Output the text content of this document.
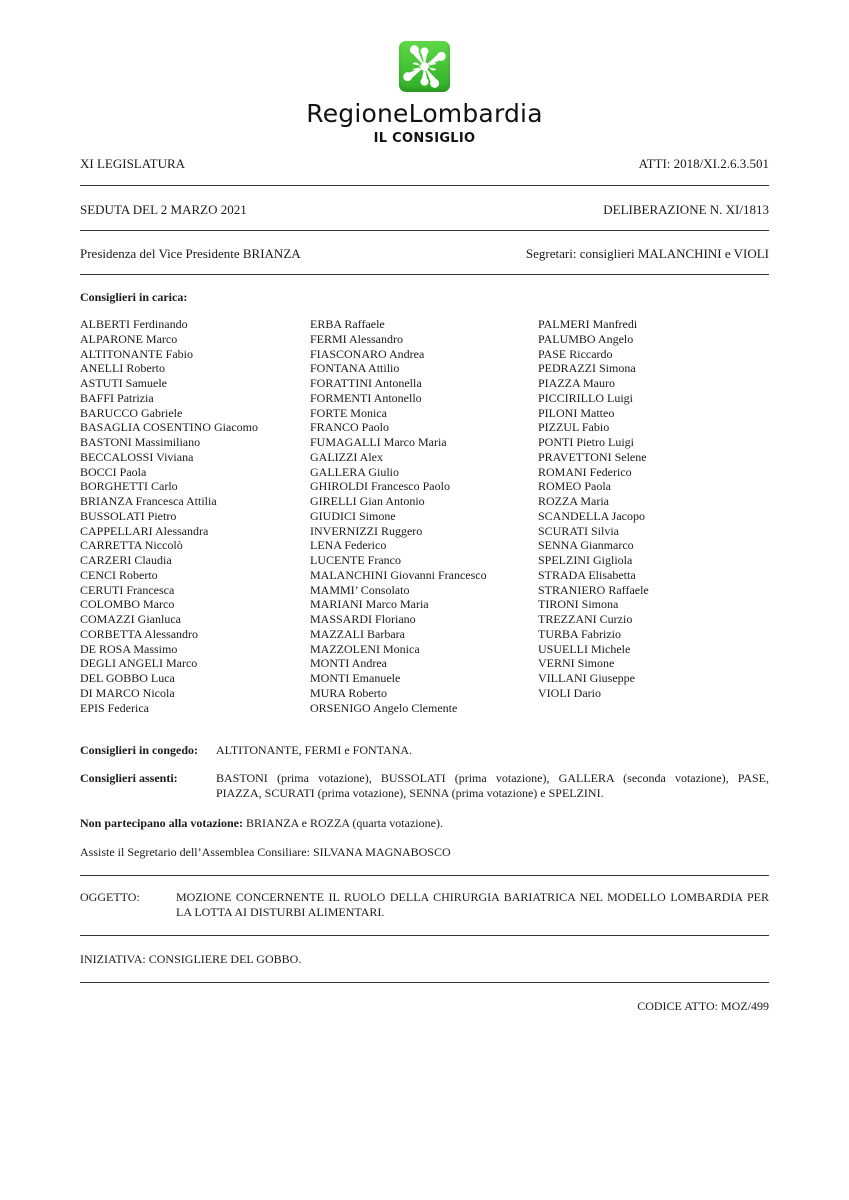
RegioneLombardia
IL CONSIGLIO
XI LEGISLATURA	ATTI: 2018/XI.2.6.3.501
SEDUTA DEL 2 MARZO 2021	DELIBERAZIONE N. XI/1813
Presidenza del Vice Presidente BRIANZA	Segretari: consiglieri MALANCHINI e VIOLI
Consiglieri in carica:
ALBERTI Ferdinando
ALPARONE Marco
ALTITONANTE Fabio
ANELLI Roberto
ASTUTI Samuele
BAFFI Patrizia
BARUCCO Gabriele
BASAGLIA COSENTINO Giacomo
BASTONI Massimiliano
BECCALOSSI Viviana
BOCCI Paola
BORGHETTI Carlo
BRIANZA Francesca Attilia
BUSSOLATI Pietro
CAPPELLARI Alessandra
CARRETTA Niccolò
CARZERI Claudia
CENCI Roberto
CERUTI Francesca
COLOMBO Marco
COMAZZI Gianluca
CORBETTA Alessandro
DE ROSA Massimo
DEGLI ANGELI Marco
DEL GOBBO Luca
DI MARCO Nicola
EPIS Federica
ERBA Raffaele
FERMI Alessandro
FIASCONARO Andrea
FONTANA Attilio
FORATTINI Antonella
FORMENTI Antonello
FORTE Monica
FRANCO Paolo
FUMAGALLI Marco Maria
GALIZZI Alex
GALLERA Giulio
GHIROLDI Francesco Paolo
GIRELLI Gian Antonio
GIUDICI Simone
INVERNIZZI Ruggero
LENA Federico
LUCENTE Franco
MALANCHINI Giovanni Francesco
MAMMI’ Consolato
MARIANI Marco Maria
MASSARDI Floriano
MAZZALI Barbara
MAZZOLENI Monica
MONTI Andrea
MONTI Emanuele
MURA Roberto
ORSENIGO Angelo Clemente
PALMERI Manfredi
PALUMBO Angelo
PASE Riccardo
PEDRAZZI Simona
PIAZZA Mauro
PICCIRILLO Luigi
PILONI Matteo
PIZZUL Fabio
PONTI Pietro Luigi
PRAVETTONI Selene
ROMANI Federico
ROMEO Paola
ROZZA Maria
SCANDELLA Jacopo
SCURATI Silvia
SENNA Gianmarco
SPELZINI Gigliola
STRADA Elisabetta
STRANIERO Raffaele
TIRONI Simona
TREZZANI Curzio
TURBA Fabrizio
USUELLI Michele
VERNI Simone
VILLANI Giuseppe
VIOLI Dario
Consiglieri in congedo: ALTITONANTE, FERMI e FONTANA.
Consiglieri assenti:	BASTONI (prima votazione), BUSSOLATI (prima votazione), GALLERA (seconda votazione), PASE,
PIAZZA, SCURATI (prima votazione), SENNA (prima votazione) e SPELZINI.
Non partecipano alla votazione: BRIANZA e ROZZA (quarta votazione).
Assiste il Segretario dell’Assemblea Consiliare: SILVANA MAGNABOSCO
OGGETTO:	MOZIONE CONCERNENTE IL RUOLO DELLA CHIRURGIA BARIATRICA NEL MODELLO LOMBARDIA PER LA LOTTA AI DISTURBI ALIMENTARI.
INIZIATIVA: CONSIGLIERE DEL GOBBO.
CODICE ATTO: MOZ/499
